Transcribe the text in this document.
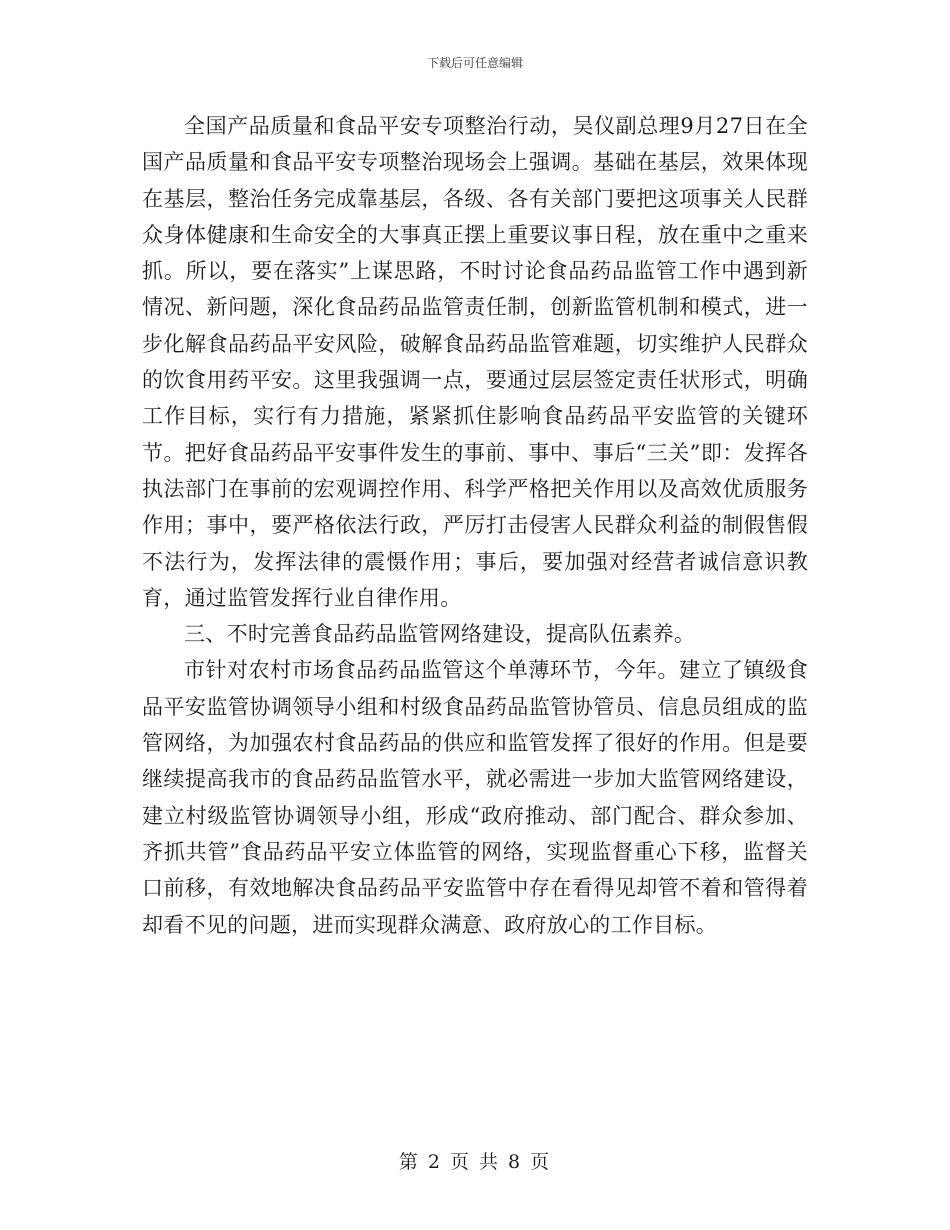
下载后可任意编辑

全国产品质量和食品平安专项整治行动，吴仪副总理9月27日在全国产品质量和食品平安专项整治现场会上强调。基础在基层，效果体现在基层，整治任务完成靠基层，各级、各有关部门要把这项事关人民群众身体健康和生命安全的大事真正摆上重要议事日程，放在重中之重来抓。所以，要在落实”上谋思路，不时讨论食品药品监管工作中遇到新情况、新问题，深化食品药品监管责任制，创新监管机制和模式，进一步化解食品药品平安风险，破解食品药品监管难题，切实维护人民群众的饮食用药平安。这里我强调一点，要通过层层签定责任状形式，明确工作目标，实行有力措施，紧紧抓住影响食品药品平安监管的关键环节。把好食品药品平安事件发生的事前、事中、事后“三关”即：发挥各执法部门在事前的宏观调控作用、科学严格把关作用以及高效优质服务作用；事中，要严格依法行政，严厉打击侵害人民群众利益的制假售假不法行为，发挥法律的震慑作用；事后，要加强对经营者诚信意识教育，通过监管发挥行业自律作用。

三、不时完善食品药品监管网络建设，提高队伍素养。

市针对农村市场食品药品监管这个单薄环节，今年。建立了镇级食品平安监管协调领导小组和村级食品药品监管协管员、信息员组成的监管网络，为加强农村食品药品的供应和监管发挥了很好的作用。但是要继续提高我市的食品药品监管水平，就必需进一步加大监管网络建设，建立村级监管协调领导小组，形成“政府推动、部门配合、群众参加、齐抓共管”食品药品平安立体监管的网络，实现监督重心下移，监督关口前移，有效地解决食品药品平安监管中存在看得见却管不着和管得着却看不见的问题，进而实现群众满意、政府放心的工作目标。

第 2 页 共 8 页
